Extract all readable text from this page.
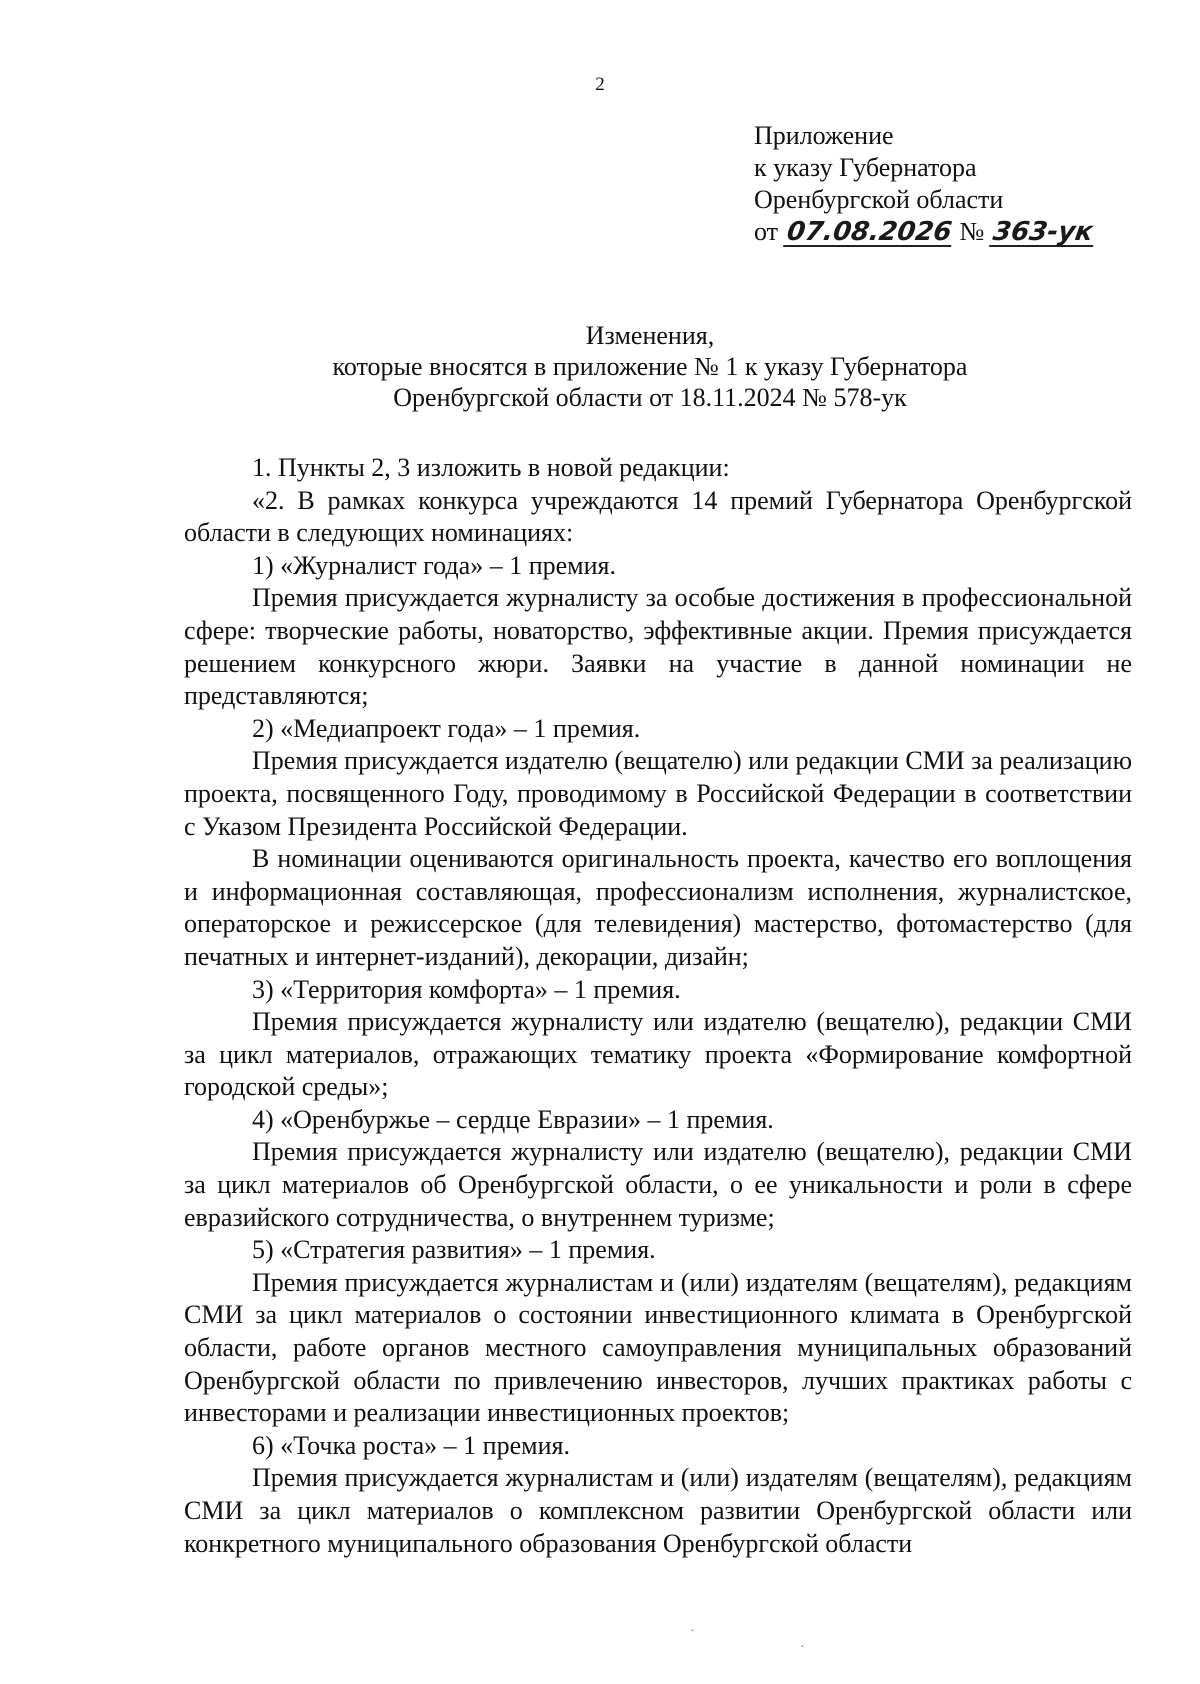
2
Приложение
к указу Губернатора
Оренбургской области
от 07.08.2026 № 363-ук
Изменения,
которые вносятся в приложение № 1 к указу Губернатора
Оренбургской области от 18.11.2024 № 578-ук

1. Пункты 2, 3 изложить в новой редакции:

«2. В рамках конкурса учреждаются 14 премий Губернатора Оренбургской области в следующих номинациях:

1) «Журналист года» – 1 премия.

Премия присуждается журналисту за особые достижения в профессиональной сфере: творческие работы, новаторство, эффективные акции. Премия присуждается решением конкурсного жюри. Заявки на участие в данной номинации не представляются;

2) «Медиапроект года» – 1 премия.

Премия присуждается издателю (вещателю) или редакции СМИ за реализацию проекта, посвященного Году, проводимому в Российской Федерации в соответствии с Указом Президента Российской Федерации.

В номинации оцениваются оригинальность проекта, качество его воплощения и информационная составляющая, профессионализм исполнения, журналистское, операторское и режиссерское (для телевидения) мастерство, фотомастерство (для печатных и интернет-изданий), декорации, дизайн;

3) «Территория комфорта» – 1 премия.

Премия присуждается журналисту или издателю (вещателю), редакции СМИ за цикл материалов, отражающих тематику проекта «Формирование комфортной городской среды»;

4) «Оренбуржье – сердце Евразии» – 1 премия.

Премия присуждается журналисту или издателю (вещателю), редакции СМИ за цикл материалов об Оренбургской области, о ее уникальности и роли в сфере евразийского сотрудничества, о внутреннем туризме;

5) «Стратегия развития» – 1 премия.

Премия присуждается журналистам и (или) издателям (вещателям), редакциям СМИ за цикл материалов о состоянии инвестиционного климата в Оренбургской области, работе органов местного самоуправления муниципальных образований Оренбургской области по привлечению инвесторов, лучших практиках работы с инвесторами и реализации инвестиционных проектов;

6) «Точка роста» – 1 премия.

Премия присуждается журналистам и (или) издателям (вещателям), редакциям СМИ за цикл материалов о комплексном развитии Оренбургской области или конкретного муниципального образования Оренбургской области

ˊ
·
